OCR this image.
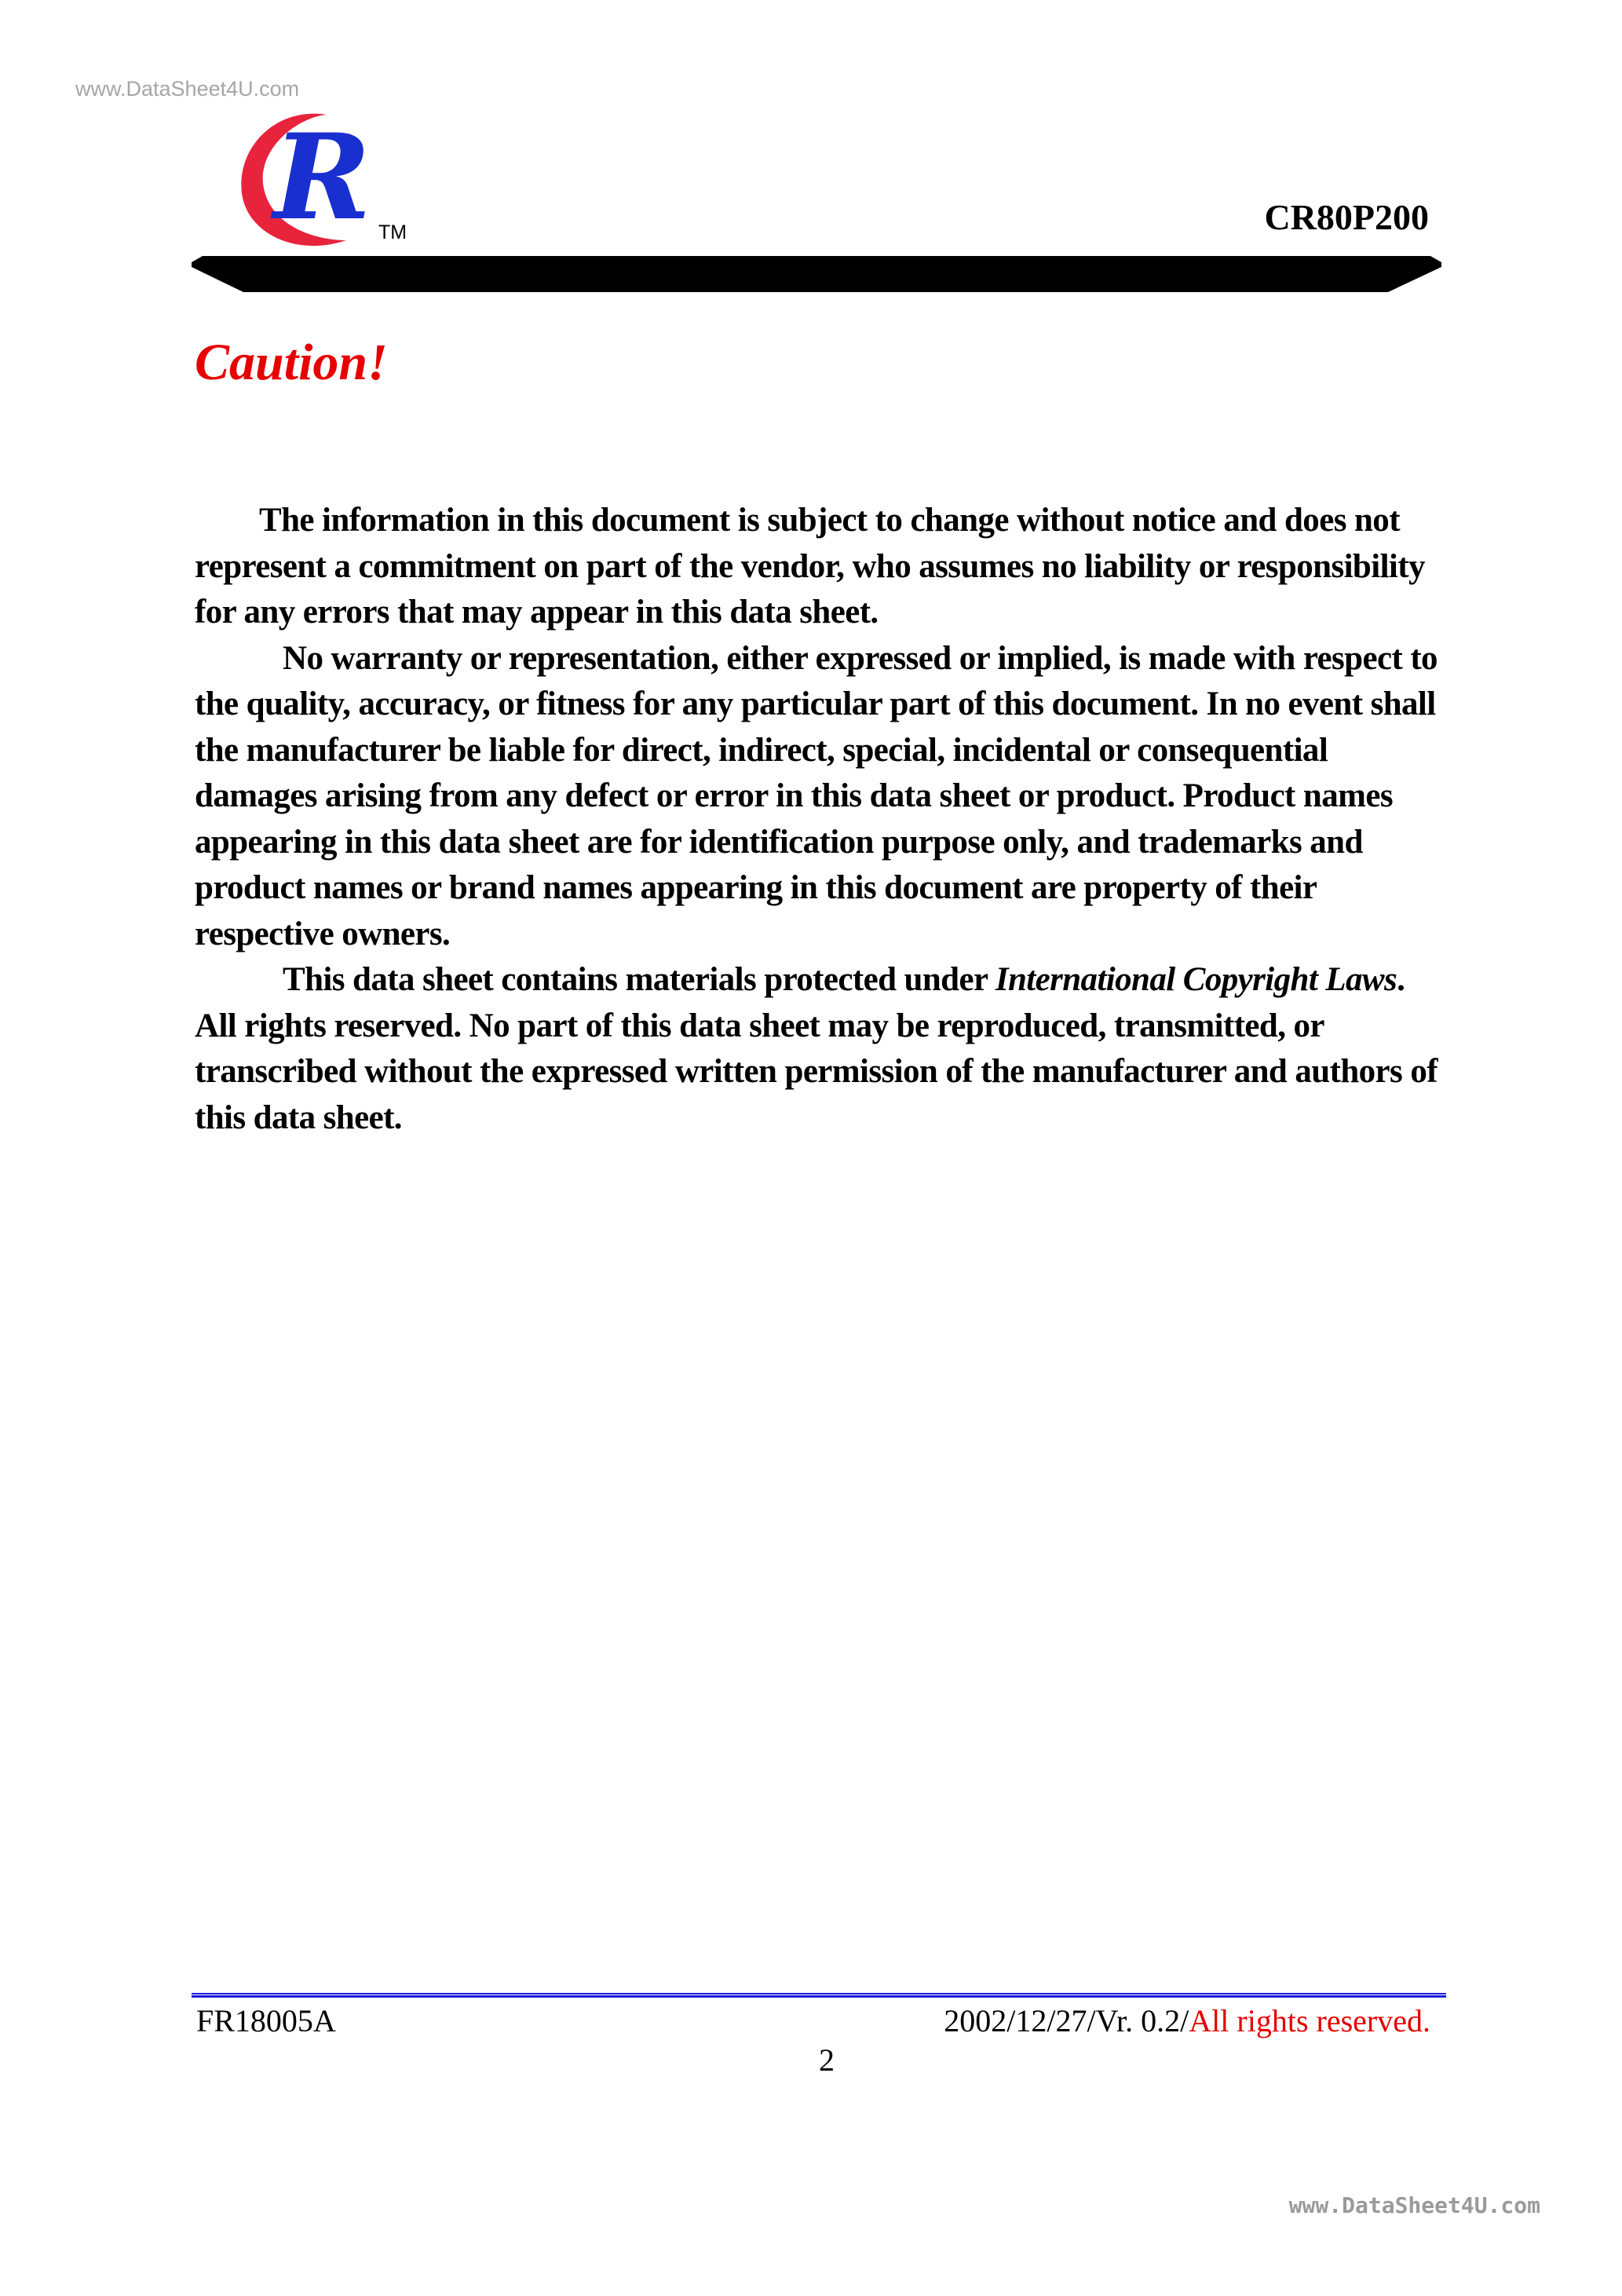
www.DataSheet4U.com
R TM	CR80P200
Caution!

The information in this document is subject to change without notice and does not represent a commitment on part of the vendor, who assumes no liability or responsibility for any errors that may appear in this data sheet.

No warranty or representation, either expressed or implied, is made with respect to the quality, accuracy, or fitness for any particular part of this document. In no event shall the manufacturer be liable for direct, indirect, special, incidental or consequential damages arising from any defect or error in this data sheet or product. Product names appearing in this data sheet are for identification purpose only, and trademarks and product names or brand names appearing in this document are property of their respective owners.

This data sheet contains materials protected under International Copyright Laws. All rights reserved. No part of this data sheet may be reproduced, transmitted, or transcribed without the expressed written permission of the manufacturer and authors of this data sheet.

FR18005A	2002/12/27/Vr. 0.2/All rights reserved.
2
www.DataSheet4U.com
